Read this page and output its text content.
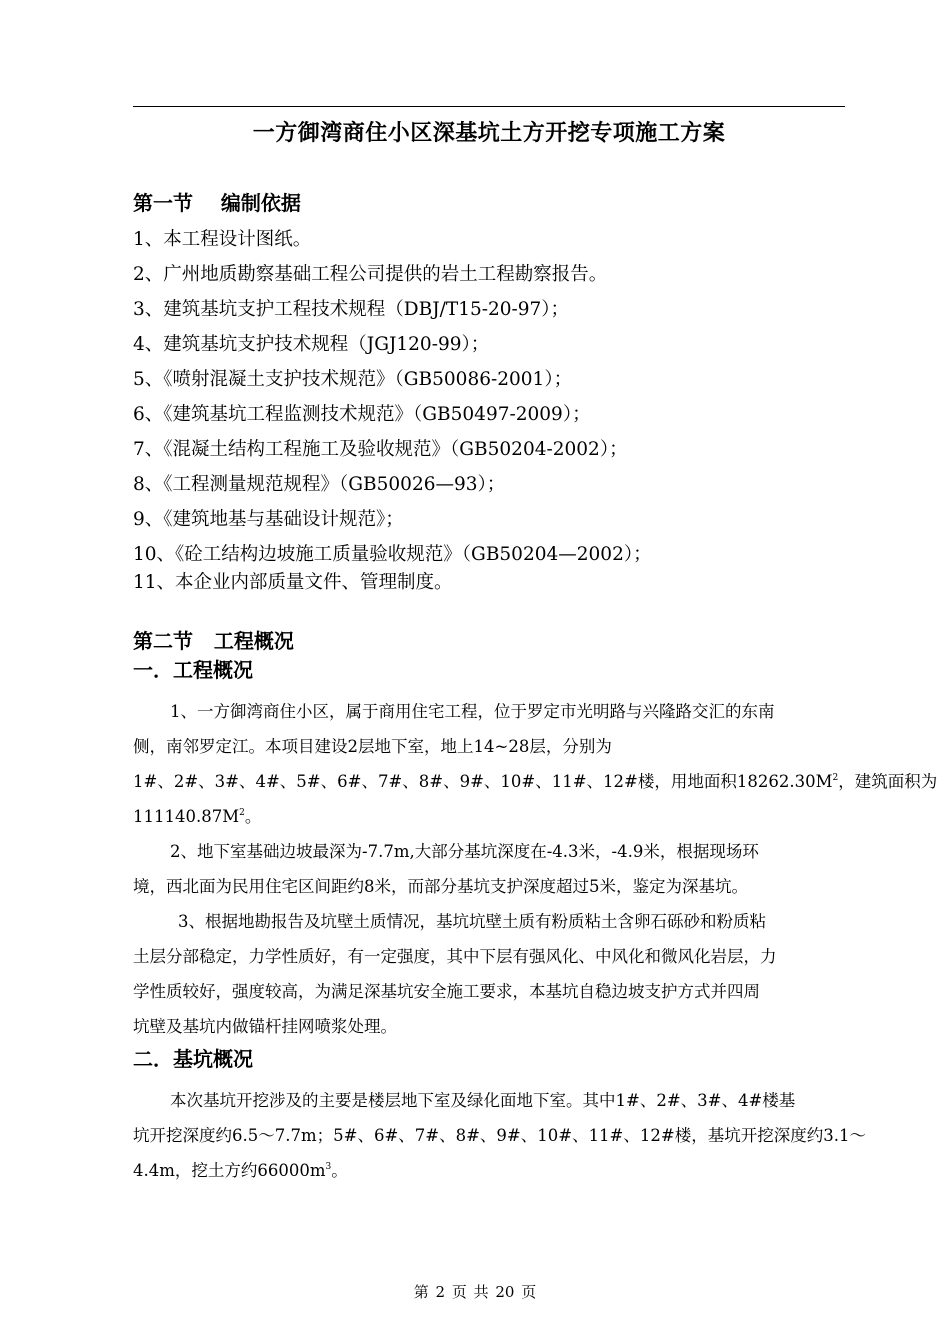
一方御湾商住小区深基坑土方开挖专项施工方案
第一节    编制依据
1、本工程设计图纸。
2、广州地质勘察基础工程公司提供的岩土工程勘察报告。
3、建筑基坑支护工程技术规程（DBJ/T15-20-97）；
4、建筑基坑支护技术规程（JGJ120-99）；
5、《喷射混凝土支护技术规范》（GB50086-2001）；
6、《建筑基坑工程监测技术规范》（GB50497-2009）；
7、《混凝土结构工程施工及验收规范》（GB50204-2002）；
8、《工程测量规范规程》（GB50026—93）；
9、《建筑地基与基础设计规范》；
10、《砼工结构边坡施工质量验收规范》（GB50204—2002）；
11、本企业内部质量文件、管理制度。
第二节   工程概况
一．工程概况
1、一方御湾商住小区，属于商用住宅工程，位于罗定市光明路与兴隆路交汇的东南
侧，南邻罗定江。本项目建设2层地下室，地上14~28层，分别为
1#、2#、3#、4#、5#、6#、7#、8#、9#、10#、11#、12#楼，用地面积$18262.30M^2$，建筑面积为
$111140.87M^2$。
2、地下室基础边坡最深为-7.7m,大部分基坑深度在-4.3米，-4.9米，根据现场环
境，西北面为民用住宅区间距约8米，而部分基坑支护深度超过5米，鉴定为深基坑。
3、根据地勘报告及坑壁土质情况，基坑坑壁土质有粉质粘土含卵石砾砂和粉质粘
土层分部稳定，力学性质好，有一定强度，其中下层有强风化、中风化和微风化岩层，力
学性质较好，强度较高，为满足深基坑安全施工要求，本基坑自稳边坡支护方式并四周
坑壁及基坑内做锚杆挂网喷浆处理。
二．基坑概况
本次基坑开挖涉及的主要是楼层地下室及绿化面地下室。其中1#、2#、3#、4#楼基
坑开挖深度约6.5～7.7m；5#、6#、7#、8#、9#、10#、11#、12#楼，基坑开挖深度约3.1～
4.4m，挖土方约$66000m^3$。
第 2 页 共 20 页
